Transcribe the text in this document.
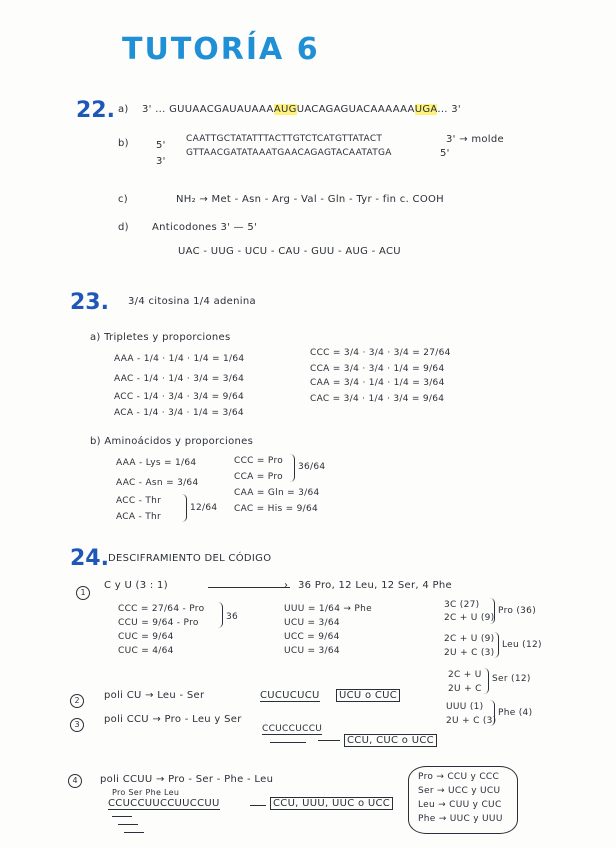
TUTORÍA 6
22. a) 3' ... GUUAACGAUAUAAAAUGUACAGAGUACAAAAAAUGA... 3'
b)	5'
CAATTGCTATATTTACTTGTCTCATGTTATACT	3' → molde
3'
GTTAACGATATAAATGAACAGAGTACAATATGA	5'
c)	NH₂ → Met - Asn - Arg - Val - Gln - Tyr - fin c. COOH
d) Anticodones 3' — 5'
UAC - UUG - UCU - CAU - GUU - AUG - ACU
23. 3/4 citosina 1/4 adenina
a) Tripletes y proporciones
AAA - 1/4 · 1/4 · 1/4 = 1/64
AAC - 1/4 · 1/4 · 3/4 = 3/64
ACC - 1/4 · 3/4 · 3/4 = 9/64
ACA - 1/4 · 3/4 · 1/4 = 3/64
CCC = 3/4 · 3/4 · 3/4 = 27/64
CCA = 3/4 · 3/4 · 1/4 = 9/64
CAA = 3/4 · 1/4 · 1/4 = 3/64
CAC = 3/4 · 1/4 · 3/4 = 9/64
b) Aminoácidos y proporciones
AAA - Lys = 1/64
AAC - Asn = 3/64
ACC - Thr
ACA - Thr
12/64
CCC = Pro
CCA = Pro
CAA = Gln = 3/64
CAC = His = 9/64
36/64
24. DESCIFRAMIENTO DEL CÓDIGO
1
C y U (3 : 1)	› 36 Pro, 12 Leu, 12 Ser, 4 Phe
CCC = 27/64 - Pro
CCU = 9/64 - Pro
CUC = 9/64
CUC = 4/64
36
UUU = 1/64 → Phe
UCU = 3/64
UCC = 9/64
UCU = 3/64
3C (27)
2C + U (9)
Pro (36)
2C + U (9)
2U + C (3)
Leu (12)
2C + U
2U + C
Ser (12)
UUU (1)
2U + C (3)
Phe (4)
2	poli CU → Leu - Ser	CUCUCUCU	UCU o CUC
3	poli CCU → Pro - Leu y Ser
CCUCCUCCU
CCU, CUC o UCC
4	poli CCUU → Pro - Ser - Phe - Leu
Pro Ser Phe Leu
CCUCCUUCCUUCCUU	CCU, UUU, UUC o UCC
Pro → CCU y CCC
Ser → UCC y UCU
Leu → CUU y CUC
Phe → UUC y UUU
